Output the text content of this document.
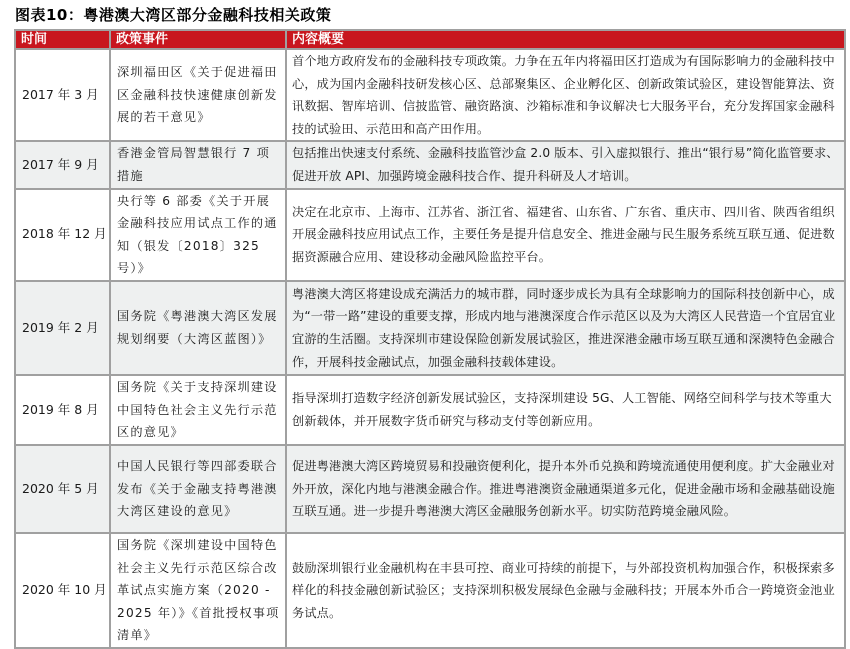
图表10：粤港澳大湾区部分金融科技相关政策
时间	政策事件	内容概要
2017 年 3 月	深圳福田区《关于促进福田区金融科技快速健康创新发展的若干意见》	首个地方政府发布的金融科技专项政策。力争在五年内将福田区打造成为有国际影响力的金融科技中心，成为国内金融科技研发核心区、总部聚集区、企业孵化区、创新政策试验区，建设智能算法、资讯数据、智库培训、信披监管、融资路演、沙箱标准和争议解决七大服务平台，充分发挥国家金融科技的试验田、示范田和高产田作用。
2017 年 9 月	香港金管局智慧银行 7 项措施	包括推出快速支付系统、金融科技监管沙盒 2.0 版本、引入虚拟银行、推出“银行易”简化监管要求、促进开放 API、加强跨境金融科技合作、提升科研及人才培训。
2018 年 12 月	央行等 6 部委《关于开展金融科技应用试点工作的通知（银发〔2018〕325 号）》	决定在北京市、上海市、江苏省、浙江省、福建省、山东省、广东省、重庆市、四川省、陕西省组织开展金融科技应用试点工作，主要任务是提升信息安全、推进金融与民生服务系统互联互通、促进数据资源融合应用、建设移动金融风险监控平台。
2019 年 2 月	国务院《粤港澳大湾区发展规划纲要（大湾区蓝图）》	粤港澳大湾区将建设成充满活力的城市群，同时逐步成长为具有全球影响力的国际科技创新中心，成为“一带一路”建设的重要支撑，形成内地与港澳深度合作示范区以及为大湾区人民营造一个宜居宜业宜游的生活圈。支持深圳市建设保险创新发展试验区，推进深港金融市场互联互通和深澳特色金融合作，开展科技金融试点，加强金融科技载体建设。
2019 年 8 月	国务院《关于支持深圳建设中国特色社会主义先行示范区的意见》	指导深圳打造数字经济创新发展试验区，支持深圳建设 5G、人工智能、网络空间科学与技术等重大创新载体，并开展数字货币研究与移动支付等创新应用。
2020 年 5 月	中国人民银行等四部委联合发布《关于金融支持粤港澳大湾区建设的意见》	促进粤港澳大湾区跨境贸易和投融资便利化，提升本外币兑换和跨境流通使用便利度。扩大金融业对外开放，深化内地与港澳金融合作。推进粤港澳资金融通渠道多元化，促进金融市场和金融基础设施互联互通。进一步提升粤港澳大湾区金融服务创新水平。切实防范跨境金融风险。
2020 年 10 月	国务院《深圳建设中国特色社会主义先行示范区综合改革试点实施方案（2020 - 2025 年）》《首批授权事项清单》	鼓励深圳银行业金融机构在丰县可控、商业可持续的前提下，与外部投资机构加强合作，积极探索多样化的科技金融创新试验区；支持深圳积极发展绿色金融与金融科技；开展本外币合一跨境资金池业务试点。
